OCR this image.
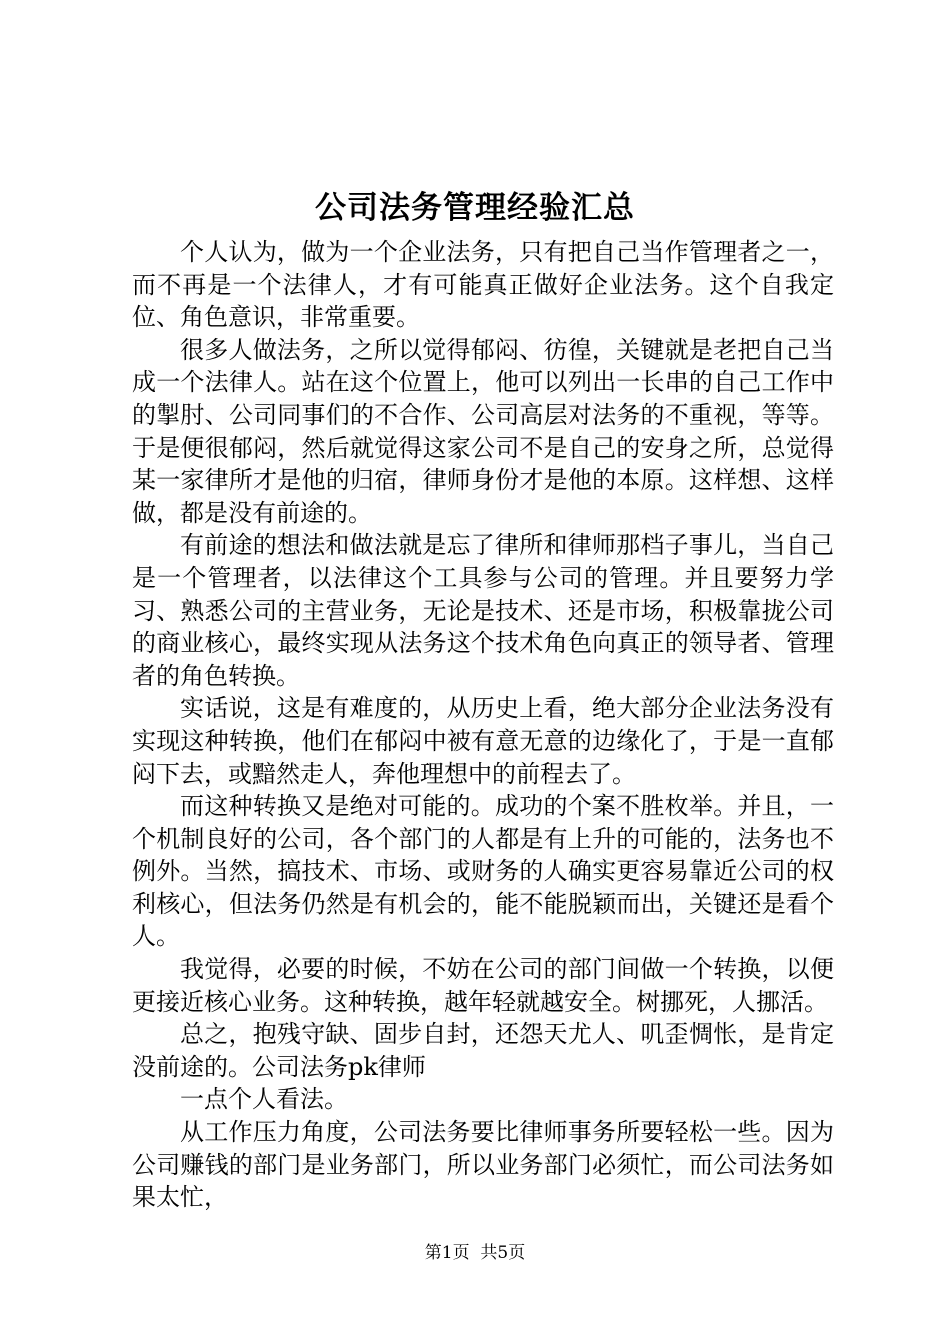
公司法务管理经验汇总

个人认为，做为一个企业法务，只有把自己当作管理者之一，而不再是一个法律人，才有可能真正做好企业法务。这个自我定位、角色意识，非常重要。

很多人做法务，之所以觉得郁闷、彷徨，关键就是老把自己当成一个法律人。站在这个位置上，他可以列出一长串的自己工作中的掣肘、公司同事们的不合作、公司高层对法务的不重视，等等。于是便很郁闷，然后就觉得这家公司不是自己的安身之所，总觉得某一家律所才是他的归宿，律师身份才是他的本原。这样想、这样做，都是没有前途的。

有前途的想法和做法就是忘了律所和律师那档子事儿，当自己是一个管理者，以法律这个工具参与公司的管理。并且要努力学习、熟悉公司的主营业务，无论是技术、还是市场，积极靠拢公司的商业核心，最终实现从法务这个技术角色向真正的领导者、管理者的角色转换。

实话说，这是有难度的，从历史上看，绝大部分企业法务没有实现这种转换，他们在郁闷中被有意无意的边缘化了，于是一直郁闷下去，或黯然走人，奔他理想中的前程去了。

而这种转换又是绝对可能的。成功的个案不胜枚举。并且，一个机制良好的公司，各个部门的人都是有上升的可能的，法务也不例外。当然，搞技术、市场、或财务的人确实更容易靠近公司的权利核心，但法务仍然是有机会的，能不能脱颖而出，关键还是看个人。

我觉得，必要的时候，不妨在公司的部门间做一个转换，以便更接近核心业务。这种转换，越年轻就越安全。树挪死，人挪活。

总之，抱残守缺、固步自封，还怨天尤人、叽歪惆怅，是肯定没前途的。公司法务pk律师

一点个人看法。

从工作压力角度，公司法务要比律师事务所要轻松一些。因为公司赚钱的部门是业务部门，所以业务部门必须忙，而公司法务如果太忙，

第1页  共5页
